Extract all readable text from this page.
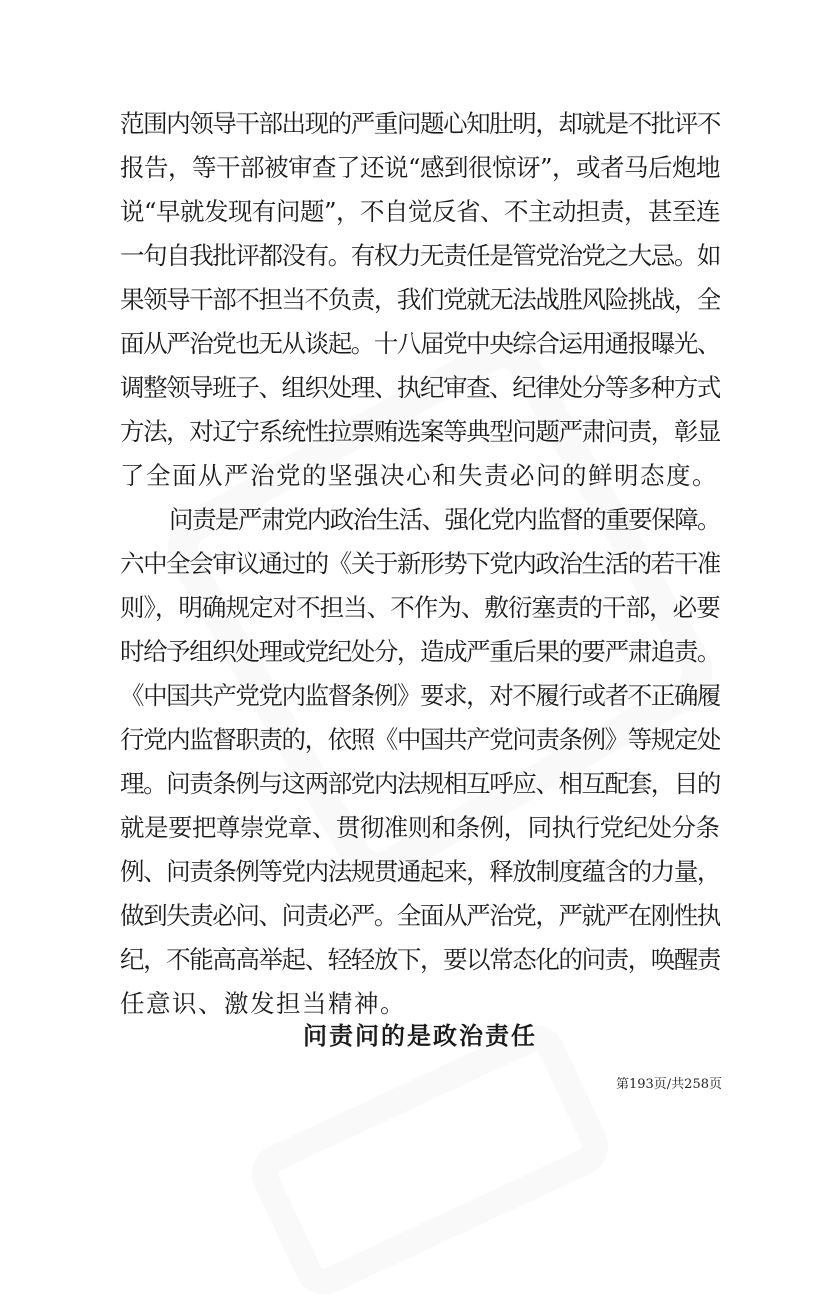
范围内领导干部出现的严重问题心知肚明，却就是不批评不
报告，等干部被审查了还说“感到很惊讶”，或者马后炮地
说“早就发现有问题”，不自觉反省、不主动担责，甚至连
一句自我批评都没有。有权力无责任是管党治党之大忌。如
果领导干部不担当不负责，我们党就无法战胜风险挑战，全
面从严治党也无从谈起。十八届党中央综合运用通报曝光、
调整领导班子、组织处理、执纪审查、纪律处分等多种方式
方法，对辽宁系统性拉票贿选案等典型问题严肃问责，彰显
了全面从严治党的坚强决心和失责必问的鲜明态度。
问责是严肃党内政治生活、强化党内监督的重要保障。
六中全会审议通过的《关于新形势下党内政治生活的若干准
则》，明确规定对不担当、不作为、敷衍塞责的干部，必要
时给予组织处理或党纪处分，造成严重后果的要严肃追责。
《中国共产党党内监督条例》要求，对不履行或者不正确履
行党内监督职责的，依照《中国共产党问责条例》等规定处
理。问责条例与这两部党内法规相互呼应、相互配套，目的
就是要把尊崇党章、贯彻准则和条例，同执行党纪处分条
例、问责条例等党内法规贯通起来，释放制度蕴含的力量，
做到失责必问、问责必严。全面从严治党，严就严在刚性执
纪，不能高高举起、轻轻放下，要以常态化的问责，唤醒责
任意识、激发担当精神。
问责问的是政治责任
第193页/共258页
